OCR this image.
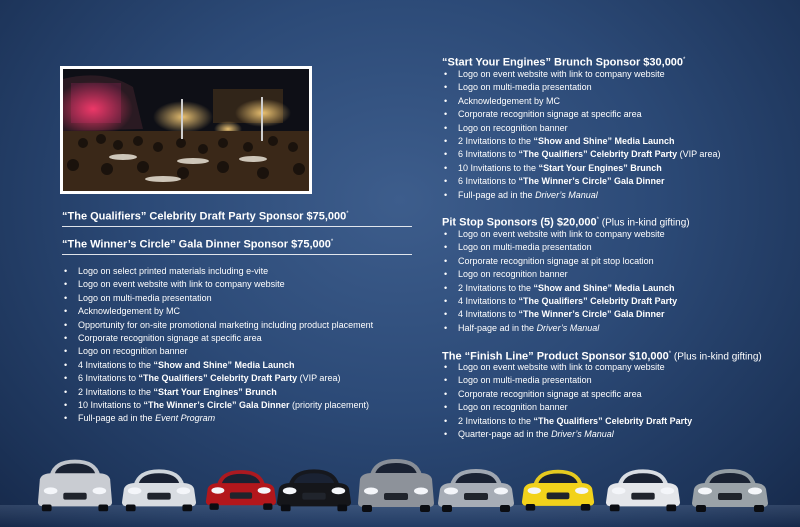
“The Qualifiers” Celebrity Draft Party Sponsor $75,000*
“The Winner’s Circle” Gala Dinner Sponsor $75,000*
• Logo on select printed materials including e-vite
• Logo on event website with link to company website
• Logo on multi-media presentation
• Acknowledgement by MC
• Opportunity for on-site promotional marketing including product placement
• Corporate recognition signage at specific area
• Logo on recognition banner
• 4 Invitations to the “Show and Shine” Media Launch
• 6 Invitations to “The Qualifiers” Celebrity Draft Party (VIP area)
• 2 Invitations to the “Start Your Engines” Brunch
• 10 Invitations to “The Winner’s Circle” Gala Dinner (priority placement)
• Full-page ad in the Event Program
“Start Your Engines” Brunch Sponsor $30,000*
• Logo on event website with link to company website
• Logo on multi-media presentation
• Acknowledgement by MC
• Corporate recognition signage at specific area
• Logo on recognition banner
• 2 Invitations to the “Show and Shine” Media Launch
• 6 Invitations to “The Qualifiers” Celebrity Draft Party (VIP area)
• 10 Invitations to the “Start Your Engines” Brunch
• 6 Invitations to “The Winner’s Circle” Gala Dinner
• Full-page ad in the Driver’s Manual
Pit Stop Sponsors (5) $20,000* (Plus in-kind gifting)
• Logo on event website with link to company website
• Logo on multi-media presentation
• Corporate recognition signage at pit stop location
• Logo on recognition banner
• 2 Invitations to the “Show and Shine” Media Launch
• 4 Invitations to “The Qualifiers” Celebrity Draft Party
• 4 Invitations to “The Winner’s Circle” Gala Dinner
• Half-page ad in the Driver’s Manual
The “Finish Line” Product Sponsor $10,000* (Plus in-kind gifting)
• Logo on event website with link to company website
• Logo on multi-media presentation
• Corporate recognition signage at specific area
• Logo on recognition banner
• 2 Invitations to the “The Qualifiers” Celebrity Draft Party
• Quarter-page ad in the Driver’s Manual
